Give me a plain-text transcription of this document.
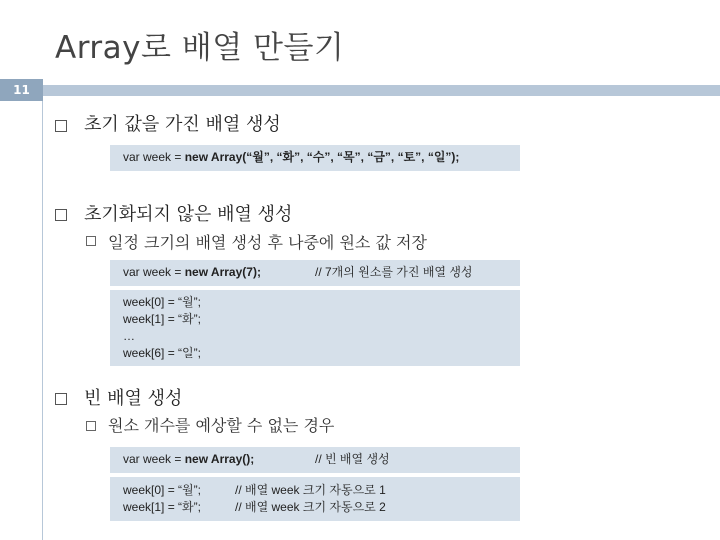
Array로 배열 만들기
11
초기 값을 가진 배열 생성
var week = new Array(“월”, “화”, “수”, “목”, “금”, “토”, “일”);
초기화되지 않은 배열 생성
일정 크기의 배열 생성 후 나중에 원소 값 저장
var week = new Array(7);	// 7개의 원소를 가진 배열 생성
week[0] = “월”;
week[1] = “화”;
…
week[6] = “일”;
빈 배열 생성
원소 개수를 예상할 수 없는 경우
var week = new Array();	// 빈 배열 생성
week[0] = “월”;	// 배열 week 크기 자동으로 1
week[1] = “화”;	// 배열 week 크기 자동으로 2
